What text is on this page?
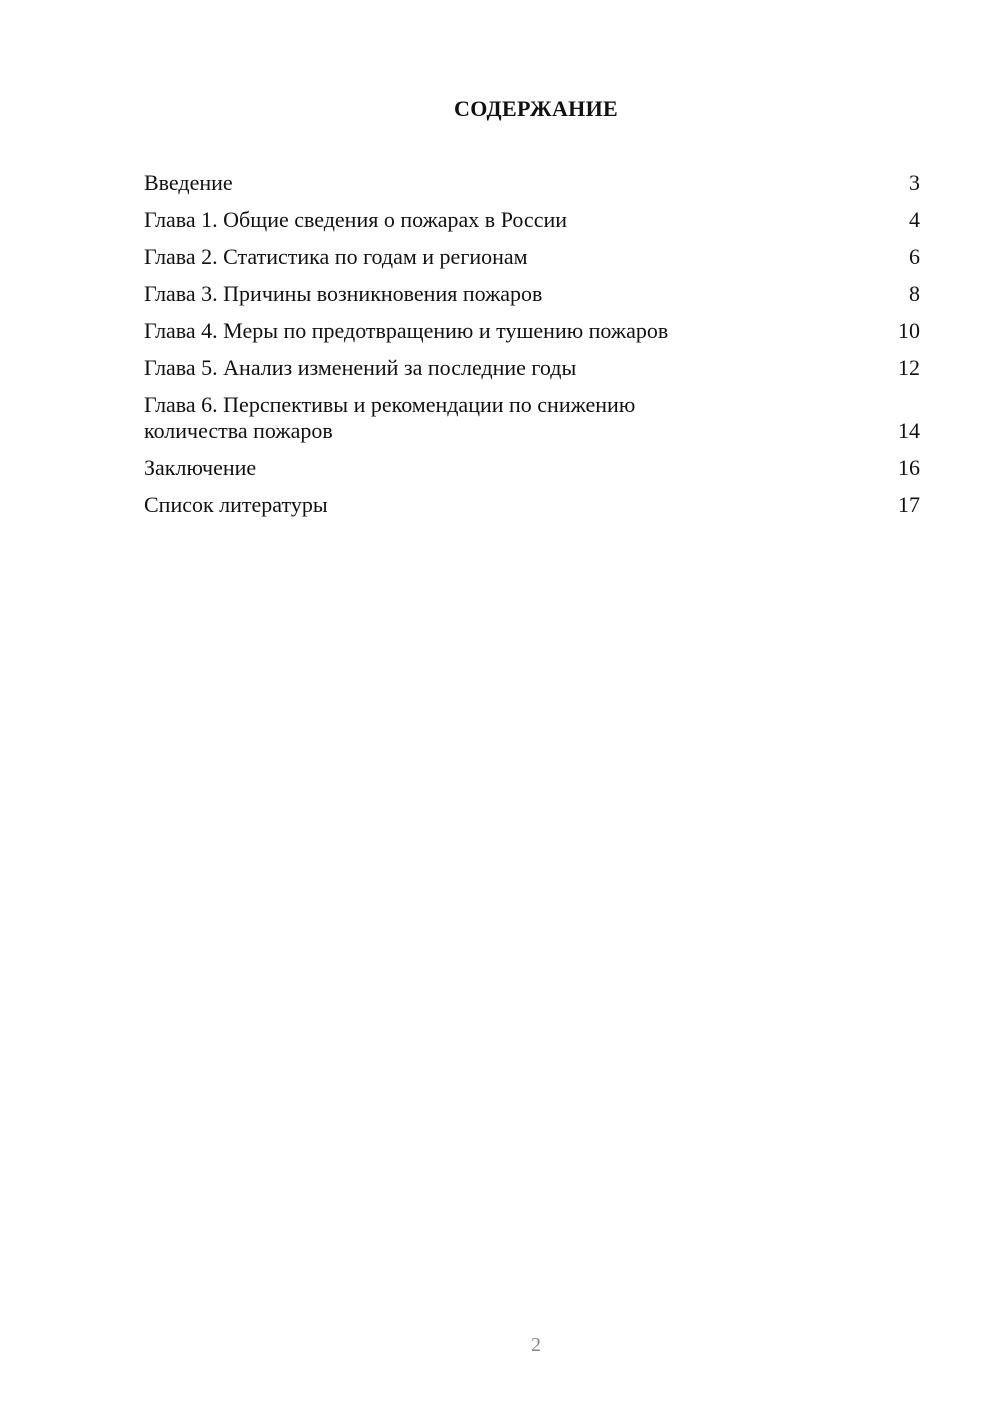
СОДЕРЖАНИЕ
Введение	3
Глава 1. Общие сведения о пожарах в России	4
Глава 2. Статистика по годам и регионам	6
Глава 3. Причины возникновения пожаров	8
Глава 4. Меры по предотвращению и тушению пожаров	10
Глава 5. Анализ изменений за последние годы	12
Глава 6. Перспективы и рекомендации по снижению количества пожаров	14
Заключение	16
Список литературы	17
2
